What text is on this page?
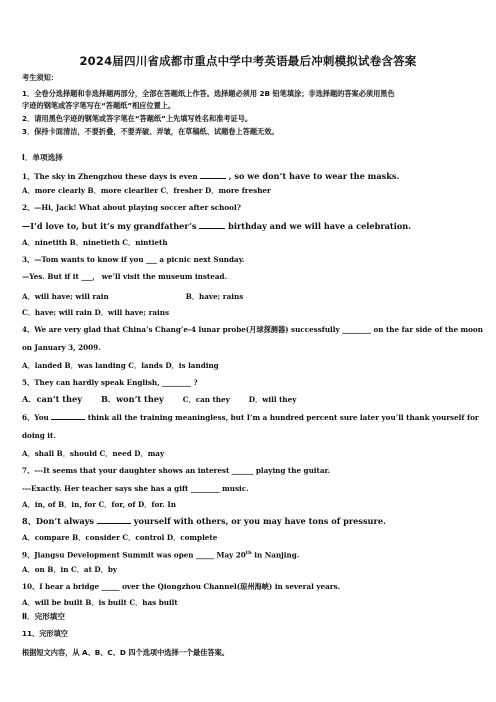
2024届四川省成都市重点中学中考英语最后冲刺模拟试卷含答案
考生须知：
1．全卷分选择题和非选择题两部分，全部在答题纸上作答。选择题必须用 2B 铅笔填涂；非选择题的答案必须用黑色
字迹的钢笔或答字笔写在“答题纸”相应位置上。
2．请用黑色字迹的钢笔或答字笔在“答题纸”上先填写姓名和准考证号。
3．保持卡面清洁，不要折叠，不要弄破、弄皱，在草稿纸、试题卷上答题无效。
Ⅰ．单项选择
1、The sky in Zhengzhou these days is even	, so we don’t have to wear the masks.
A．more clearly B．more clearlier C．fresher D．more fresher
2、—Hi, Jack! What about playing soccer after school?
—I’d love to, but it’s my grandfather’s	birthday and we will have a celebration.
A．ninetith B．ninetieth C．nintieth
3、—Tom wants to know if you ___ a picnic next Sunday.
—Yes. But if it ___， we’ll visit the museum instead.
A．will have; will rain	B．have; rains
C．have; will rain D．will have; rains
4、We are very glad that China’s Chang’e-4 lunar probe(月球探测器) successfully ________ on the far side of the moon
on January 3, 2009.
A．landed B．was landing C．lands D．is landing
5、They can hardly speak English, ________ ?
A．can’t they B．won’t they	C．can they	D．will they
6、You	think all the training meaningless, but I’m a hundred percent sure later you’ll thank yourself for
doing it.
A．shall B．should C．need D．may
7、---It seems that your daughter shows an interest ______ playing the guitar.
---Exactly. Her teacher says she has a gift ________ music.
A．in, of B．in, for C．for, of D．for. In
8、Don’t always	yourself with others, or you may have tons of pressure.
A．compare B．consider C．control D．complete
9、Jiangsu Development Summit was open _____ May 20th in Nanjing.
A．on B．in C．at D．by
10、I hear a bridge _____ over the Qiongzhou Channel(琼州海峡) in several years.
A．will be built B．is built C．has built
Ⅱ．完形填空
11、完形填空
根据短文内容，从 A、B、C、D 四个选项中选择一个最佳答案。
